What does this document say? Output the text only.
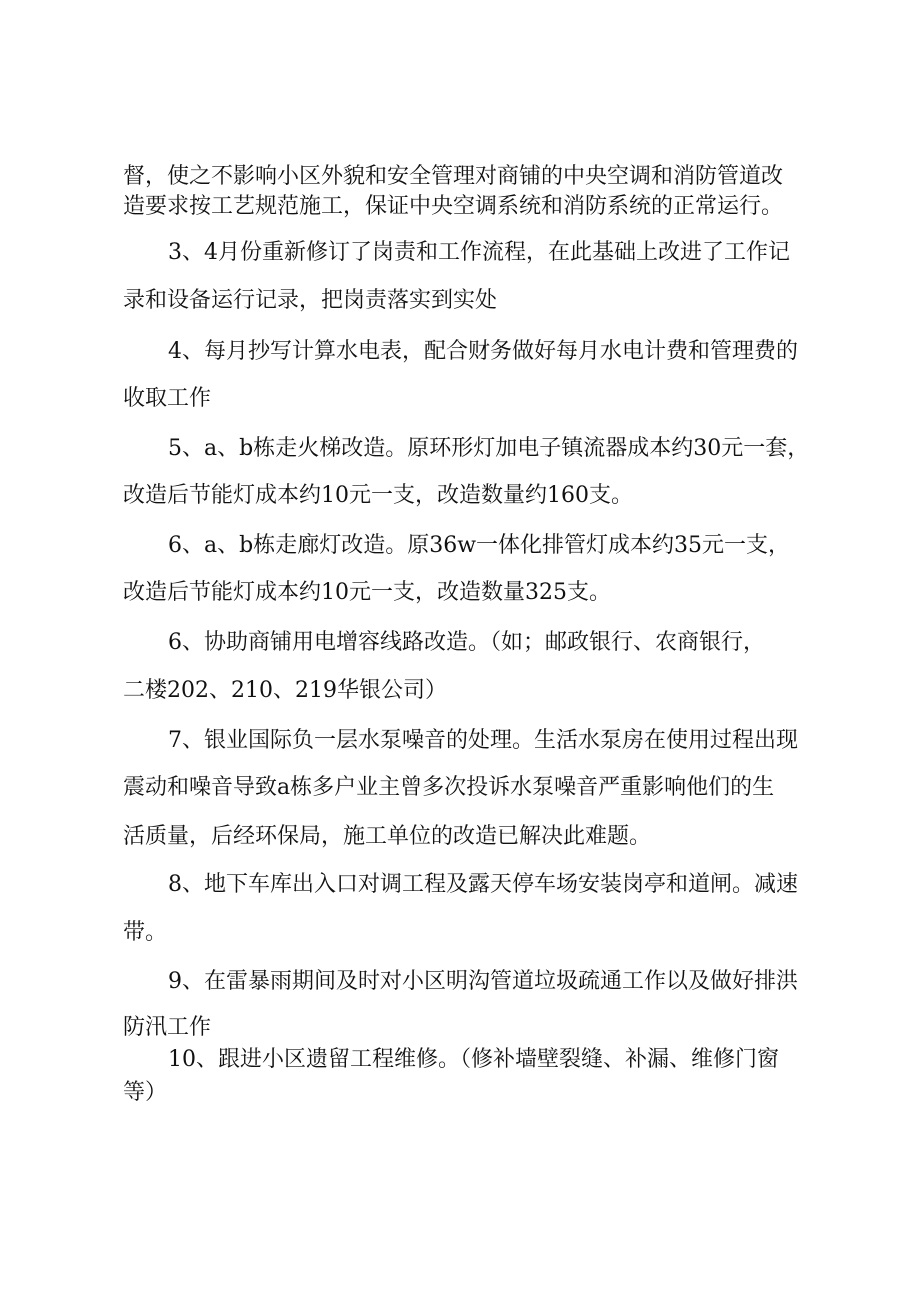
督，使之不影响小区外貌和安全管理对商铺的中央空调和消防管道改
造要求按工艺规范施工，保证中央空调系统和消防系统的正常运行。
3、4月份重新修订了岗责和工作流程，在此基础上改进了工作记
录和设备运行记录，把岗责落实到实处
4、每月抄写计算水电表，配合财务做好每月水电计费和管理费的
收取工作
5、a、b栋走火梯改造。原环形灯加电子镇流器成本约30元一套，
改造后节能灯成本约10元一支，改造数量约160支。
6、a、b栋走廊灯改造。原36w一体化排管灯成本约35元一支，
改造后节能灯成本约10元一支，改造数量325支。
6、协助商铺用电增容线路改造。（如；邮政银行、农商银行，
二楼202、210、219华银公司）
7、银业国际负一层水泵噪音的处理。生活水泵房在使用过程出现
震动和噪音导致a栋多户业主曾多次投诉水泵噪音严重影响他们的生
活质量，后经环保局，施工单位的改造已解决此难题。
8、地下车库出入口对调工程及露天停车场安装岗亭和道闸。减速
带。
9、在雷暴雨期间及时对小区明沟管道垃圾疏通工作以及做好排洪
防汛工作
10、跟进小区遗留工程维修。（修补墙壁裂缝、补漏、维修门窗
等）
